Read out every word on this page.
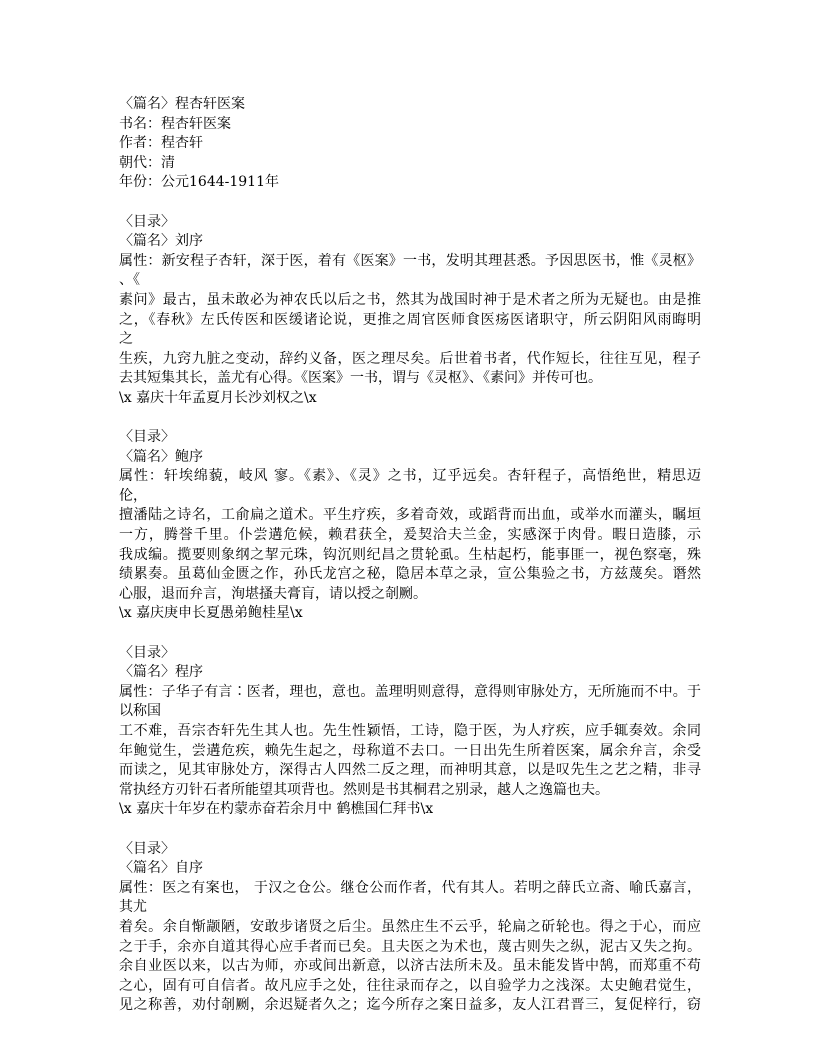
〈篇名〉程杏轩医案
书名：程杏轩医案
作者：程杏轩
朝代：清
年份：公元1644-1911年
〈目录〉
〈篇名〉刘序
属性：新安程子杏轩，深于医，着有《医案》一书，发明其理甚悉。予因思医书，惟《灵枢》
、《
素问》最古，虽未敢必为神农氏以后之书，然其为战国时神于是术者之所为无疑也。由是推
之，《春秋》左氏传医和医缓诸论说，更推之周官医师食医疡医诸职守，所云阴阳风雨晦明
之
生疾，九窍九脏之变动，辞约义备，医之理尽矣。后世着书者，代作短长，往往互见，程子
去其短集其长，盖尤有心得。《医案》一书，谓与《灵枢》、《素问》并传可也。
\x 嘉庆十年孟夏月长沙刘权之\x
〈目录〉
〈篇名〉鲍序
属性：轩埃绵藐，岐风 寥。《素》、《灵》之书，辽乎远矣。杏轩程子，高悟绝世，精思迈
伦，
擅潘陆之诗名，工俞扁之道术。平生疗疾，多着奇效，或蹈背而出血，或举水而灌头，瞩垣
一方，腾誉千里。仆尝遘危候，赖君获全，爰契洽夫兰金，实感深于肉骨。暇日造膝，示
我成编。揽要则象纲之挈元珠，钩沉则纪昌之贯轮虱。生枯起朽，能事匪一，视色察毫，殊
绩累奏。虽葛仙金匮之作，孙氏龙宫之秘，隐居本草之录，宣公集验之书，方兹蔑矣。谮然
心服，退而弁言，洵堪搔夫膏肓，请以授之剞劂。
\x 嘉庆庚申长夏愚弟鲍桂星\x
〈目录〉
〈篇名〉程序
属性：子华子有言∶医者，理也，意也。盖理明则意得，意得则审脉处方，无所施而不中。于
以称国
工不难，吾宗杏轩先生其人也。先生性颖悟，工诗，隐于医，为人疗疾，应手辄奏效。余同
年鲍觉生，尝遘危疾，赖先生起之，母称道不去口。一日出先生所着医案，属余弁言，余受
而读之，见其审脉处方，深得古人四然二反之理，而神明其意，以是叹先生之艺之精，非寻
常执经方刃针石者所能望其项背也。然则是书其桐君之别录，越人之逸篇也夫。
\x 嘉庆十年岁在杓蒙赤奋若余月中 鹤樵国仁拜书\x
〈目录〉
〈篇名〉自序
属性：医之有案也， 于汉之仓公。继仓公而作者，代有其人。若明之薛氏立斋、喻氏嘉言，
其尤
着矣。余自惭颛陋，安敢步诸贤之后尘。虽然庄生不云乎，轮扁之斫轮也。得之于心，而应
之于手，余亦自道其得心应手者而已矣。且夫医之为术也，蔑古则失之纵，泥古又失之拘。
余自业医以来，以古为师，亦或间出新意，以济古法所未及。虽未能发皆中鹄，而郑重不苟
之心，固有可自信者。故凡应手之处，往往录而存之，以自验学力之浅深。太史鲍君觉生，
见之称善，劝付剞劂，余迟疑者久之；迄今所存之案日益多，友人江君晋三，复促梓行，窃
